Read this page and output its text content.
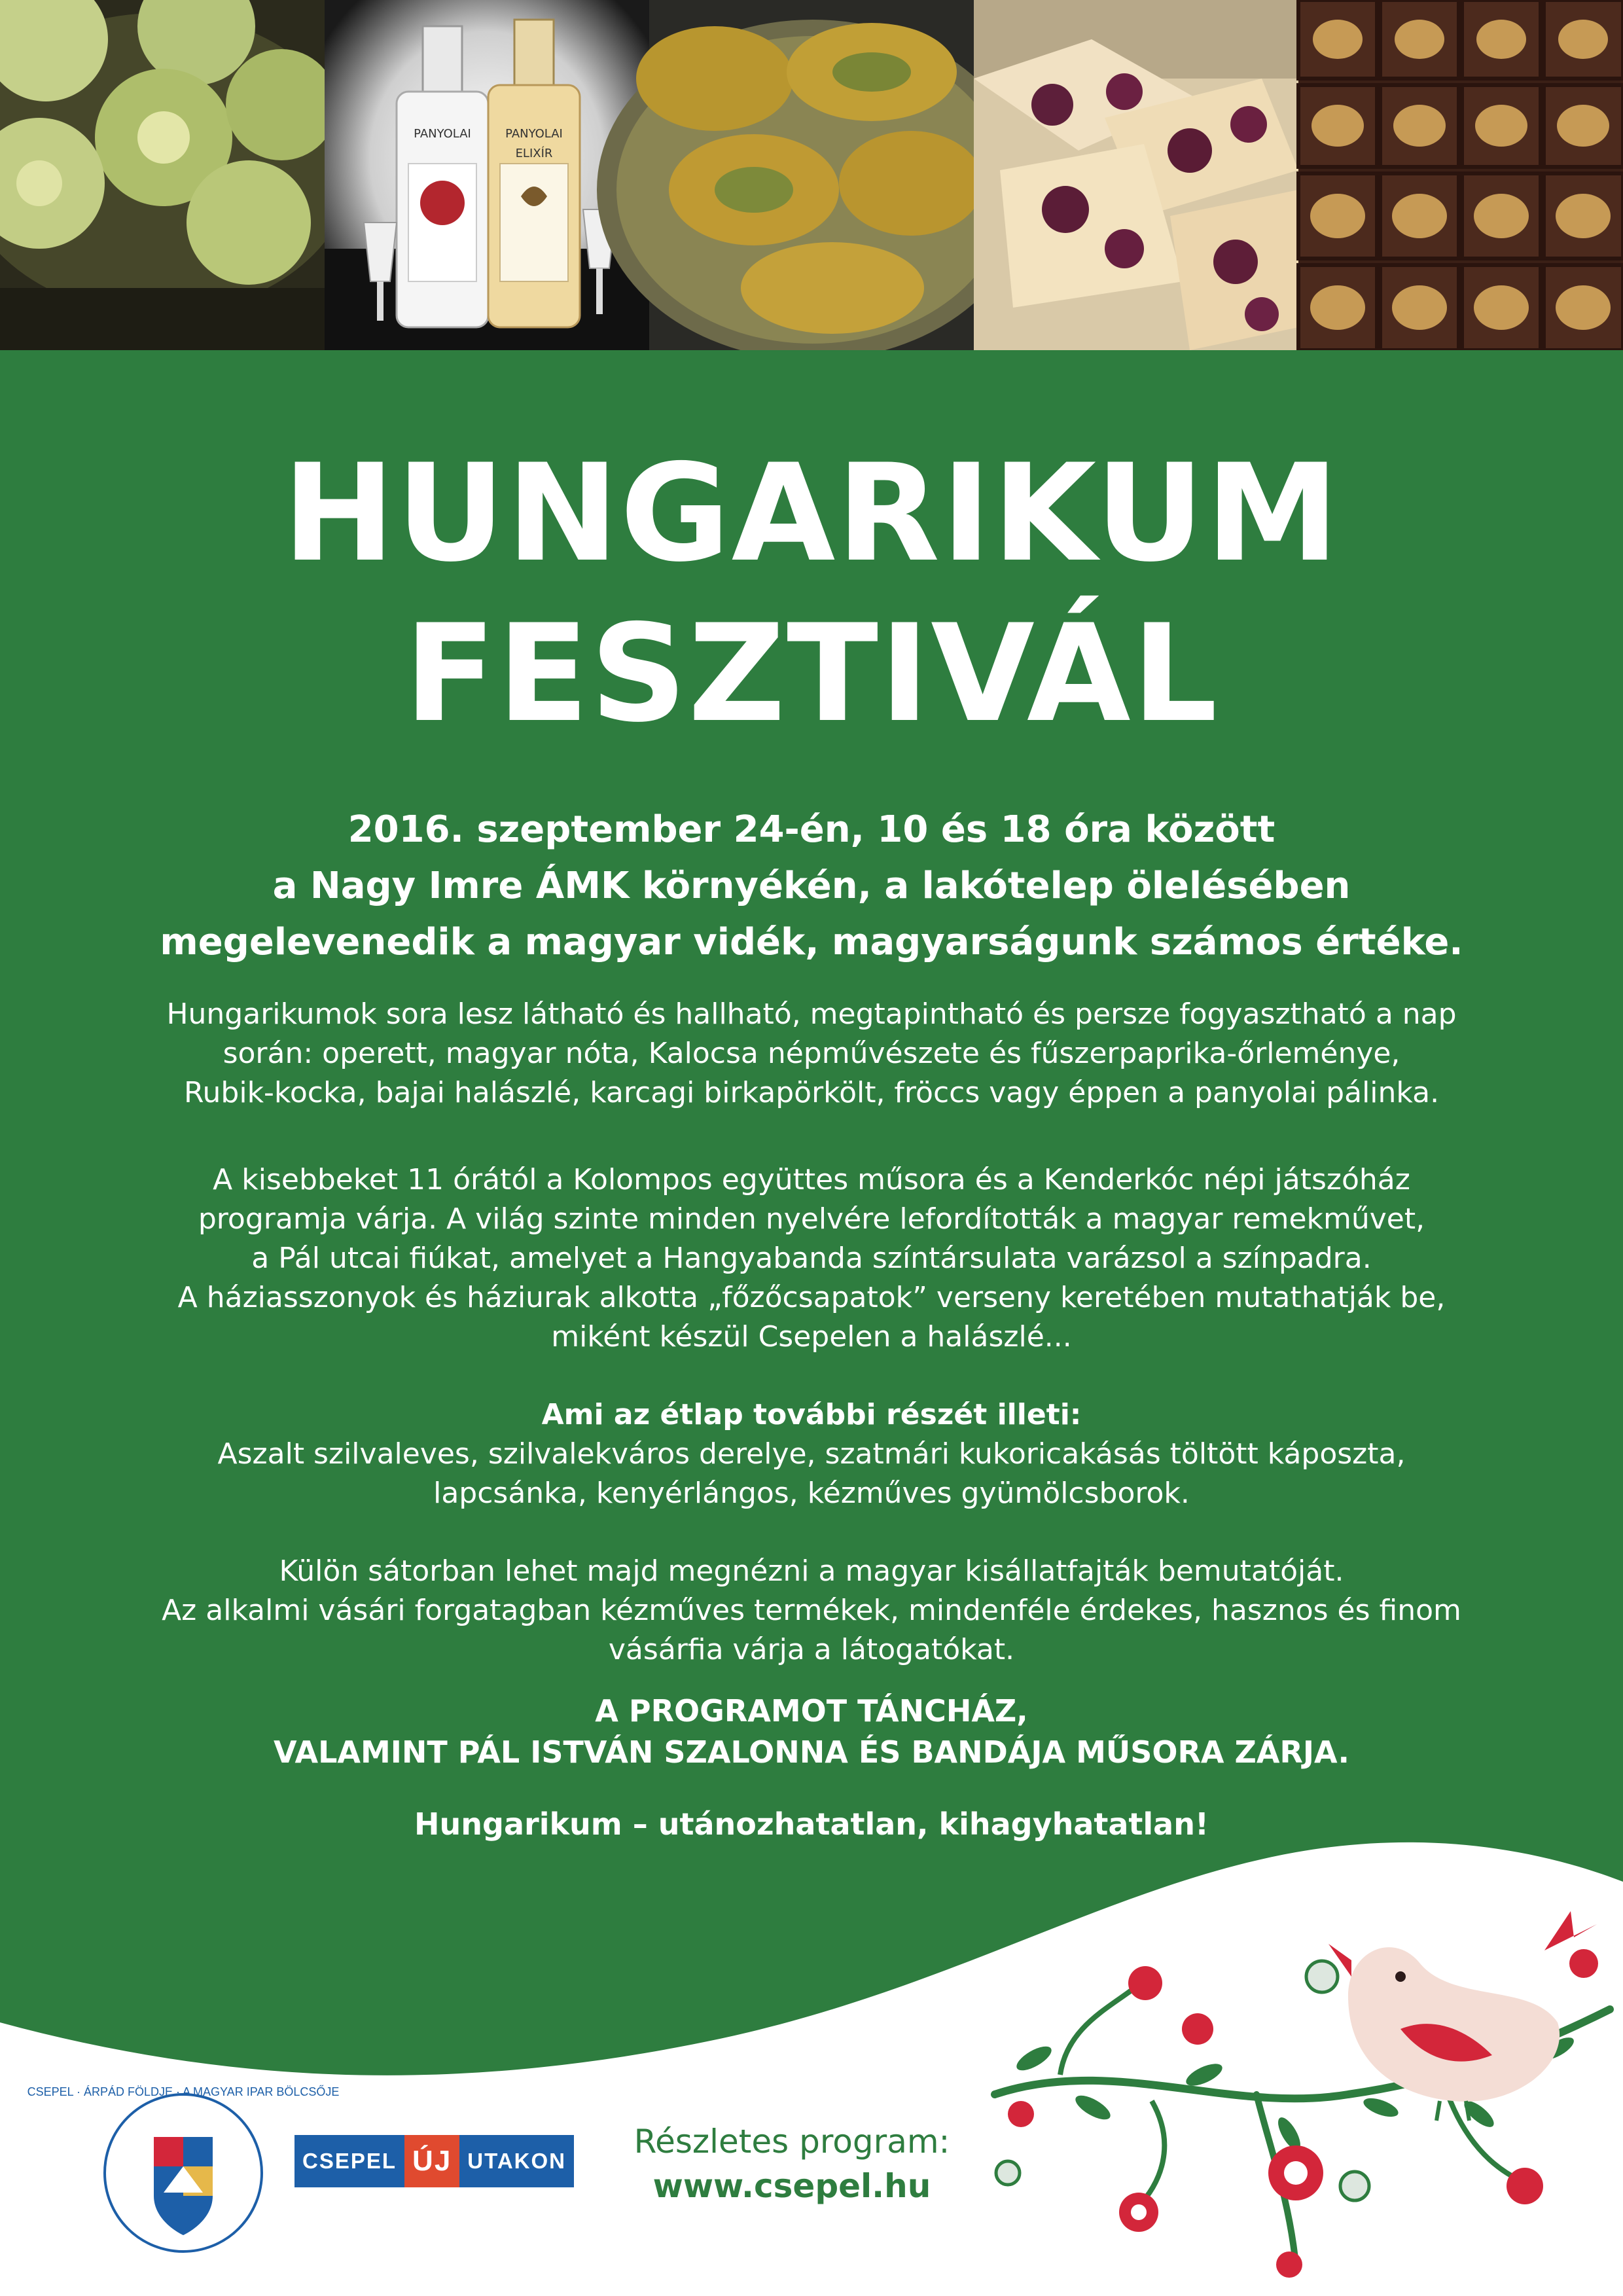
PANYOLAI	PANYOLAI
ELIXÍR
HUNGARIKUM
FESZTIVÁL
2016. szeptember 24-én, 10 és 18 óra között
a Nagy Imre ÁMK környékén, a lakótelep ölelésében
megelevenedik a magyar vidék, magyarságunk számos értéke.
Hungarikumok sora lesz látható és hallható, megtapintható és persze fogyasztható a nap
során: operett, magyar nóta, Kalocsa népművészete és fűszerpaprika-őrleménye,
Rubik-kocka, bajai halászlé, karcagi birkapörkölt, fröccs vagy éppen a panyolai pálinka.
A kisebbeket 11 órától a Kolompos együttes műsora és a Kenderkóc népi játszóház
programja várja. A világ szinte minden nyelvére lefordították a magyar remekművet,
a Pál utcai fiúkat, amelyet a Hangyabanda színtársulata varázsol a színpadra.
A háziasszonyok és háziurak alkotta „főzőcsapatok” verseny keretében mutathatják be,
miként készül Csepelen a halászlé...
Ami az étlap további részét illeti:
Aszalt szilvaleves, szilvalekváros derelye, szatmári kukoricakásás töltött káposzta,
lapcsánka, kenyérlángos, kézműves gyümölcsborok.
Külön sátorban lehet majd megnézni a magyar kisállatfajták bemutatóját.
Az alkalmi vásári forgatagban kézműves termékek, mindenféle érdekes, hasznos és finom
vásárfia várja a látogatókat.
A PROGRAMOT TÁNCHÁZ,
VALAMINT PÁL ISTVÁN SZALONNA ÉS BANDÁJA MŰSORA ZÁRJA.
Hungarikum – utánozhatatlan, kihagyhatatlan!
CSEPEL · ÁRPÁD FÖLDJE · A MAGYAR IPAR BÖLCSŐJE
CSEPEL ÚJ UTAKON
Részletes program:
www.csepel.hu
